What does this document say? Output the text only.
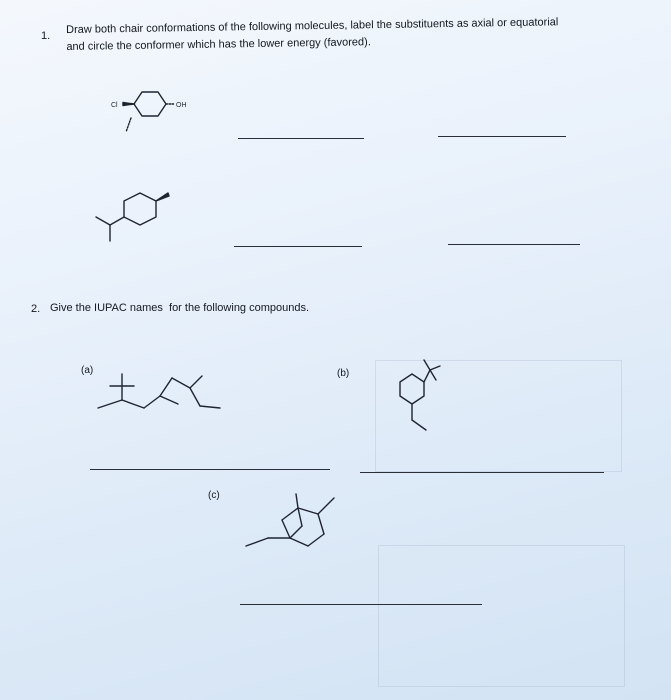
1.
Draw both chair conformations of the following molecules, label the substituents as axial or equatorial
and circle the conformer which has the lower energy (favored).
Cl	OH
2. Give the IUPAC names  for the following compounds.
(a)	(b)
(c)
